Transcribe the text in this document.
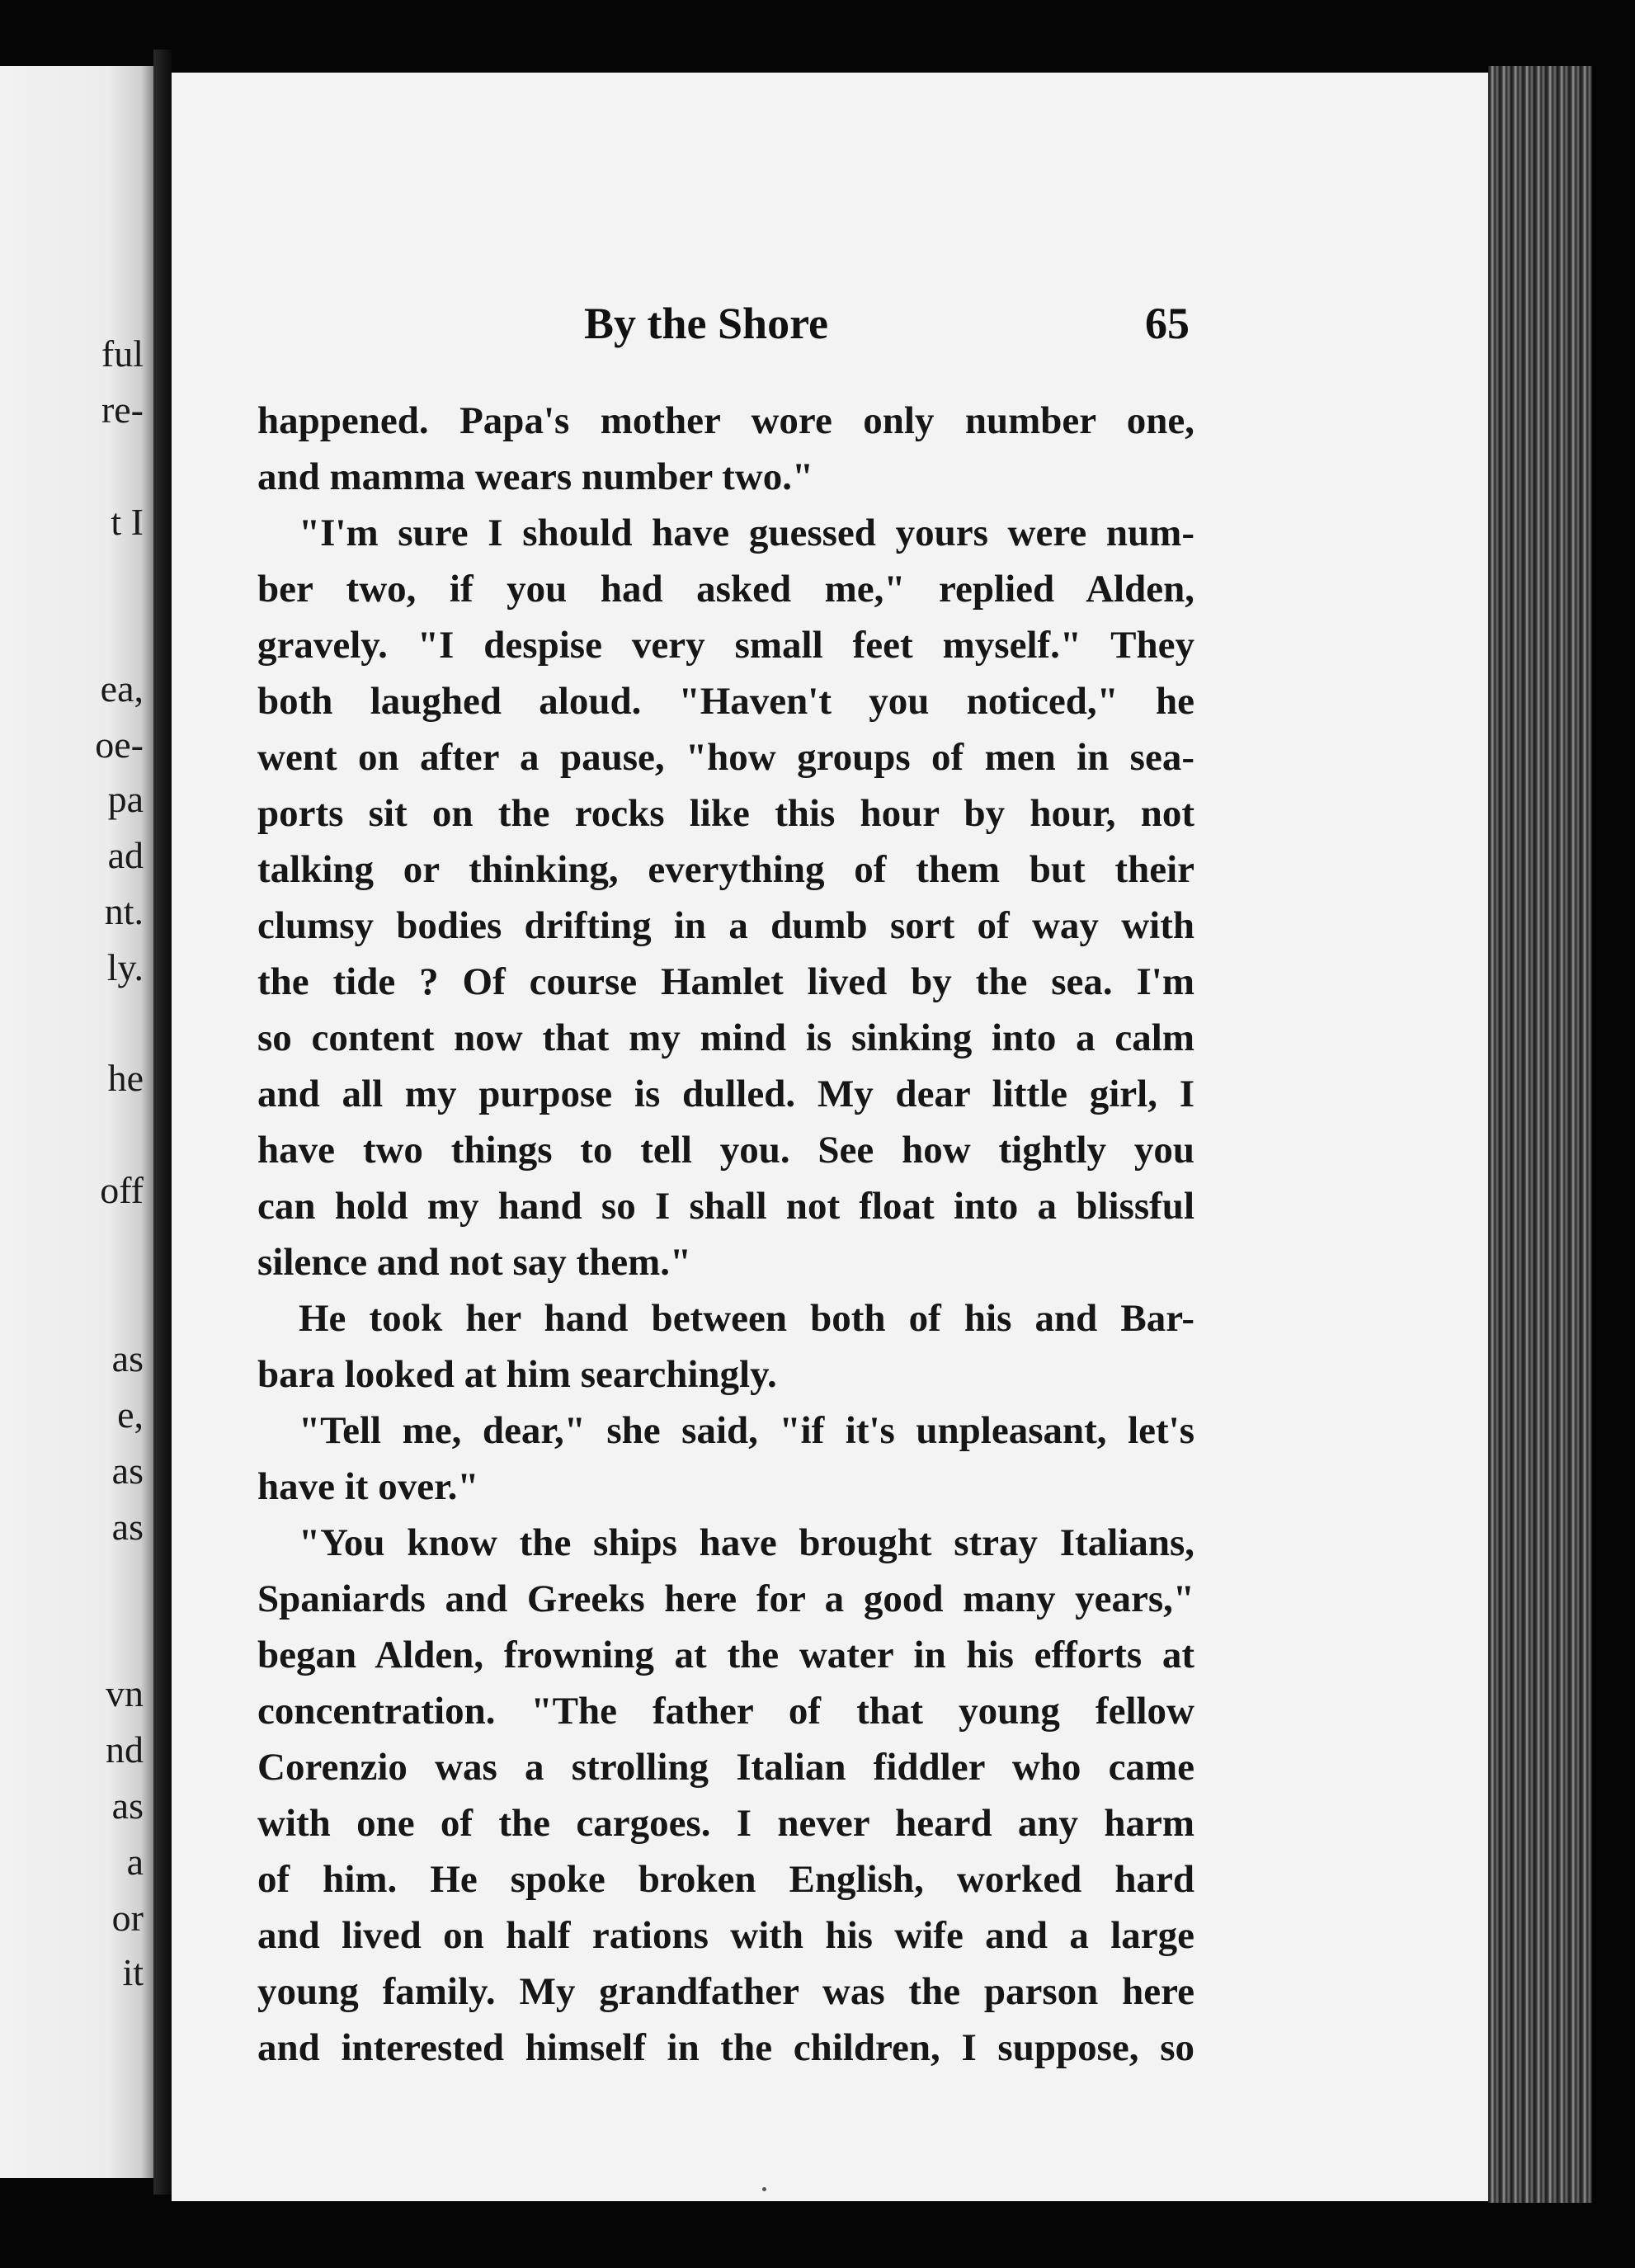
ful
re-
t I
ea,
oe-
pa
ad
nt.
ly.
he
off
as
e,
as
as
vn
nd
as
a
or
it
By the Shore	65
happened. Papa's mother wore only number one,
and mamma wears number two."
"I'm sure I should have guessed yours were num-
ber two, if you had asked me," replied Alden,
gravely. "I despise very small feet myself." They
both laughed aloud. "Haven't you noticed," he
went on after a pause, "how groups of men in sea-
ports sit on the rocks like this hour by hour, not
talking or thinking, everything of them but their
clumsy bodies drifting in a dumb sort of way with
the tide ? Of course Hamlet lived by the sea. I'm
so content now that my mind is sinking into a calm
and all my purpose is dulled. My dear little girl, I
have two things to tell you. See how tightly you
can hold my hand so I shall not float into a blissful
silence and not say them."
He took her hand between both of his and Bar-
bara looked at him searchingly.
"Tell me, dear," she said, "if it's unpleasant, let's
have it over."
"You know the ships have brought stray Italians,
Spaniards and Greeks here for a good many years,"
began Alden, frowning at the water in his efforts at
concentration. "The father of that young fellow
Corenzio was a strolling Italian fiddler who came
with one of the cargoes. I never heard any harm
of him. He spoke broken English, worked hard
and lived on half rations with his wife and a large
young family. My grandfather was the parson here
and interested himself in the children, I suppose, so
